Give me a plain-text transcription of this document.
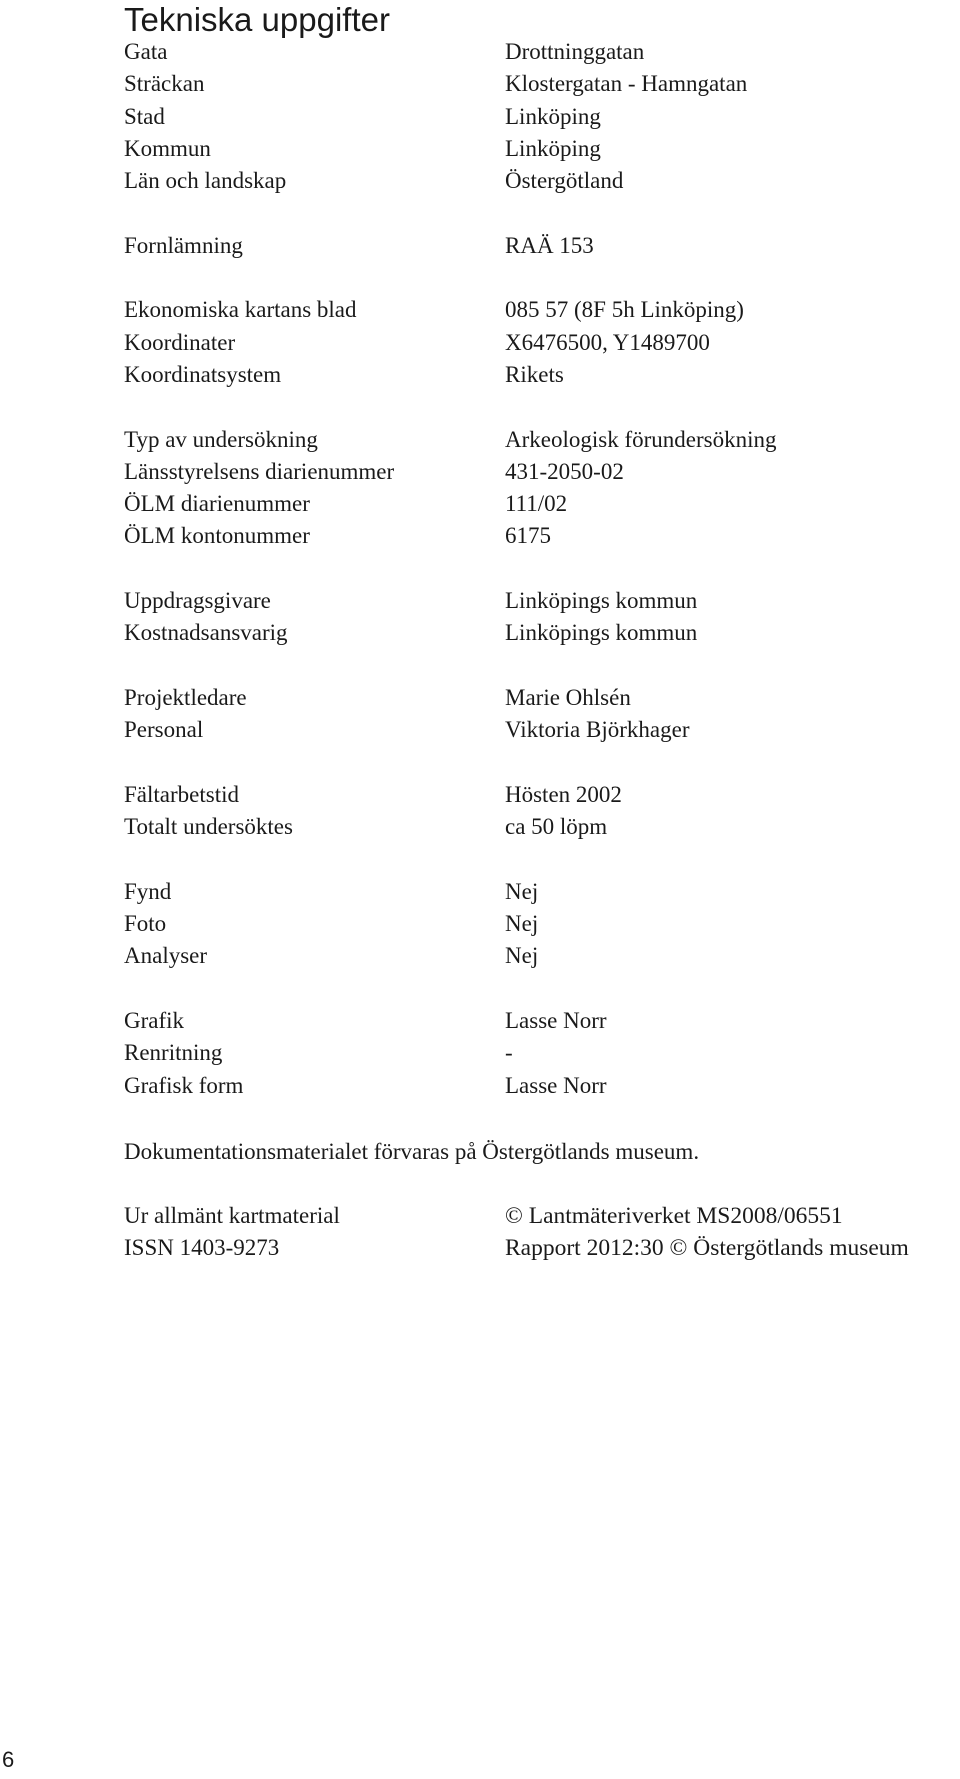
Tekniska uppgifter
Gata	Drottninggatan
Sträckan	Klostergatan - Hamngatan
Stad	Linköping
Kommun	Linköping
Län och landskap	Östergötland
Fornlämning	RAÄ 153
Ekonomiska kartans blad	085 57 (8F 5h Linköping)
Koordinater	X6476500, Y1489700
Koordinatsystem	Rikets
Typ av undersökning	Arkeologisk förundersökning
Länsstyrelsens diarienummer	431-2050-02
ÖLM diarienummer	111/02
ÖLM kontonummer	6175
Uppdragsgivare	Linköpings kommun
Kostnadsansvarig	Linköpings kommun
Projektledare	Marie Ohlsén
Personal	Viktoria Björkhager
Fältarbetstid	Hösten 2002
Totalt undersöktes	ca 50 löpm
Fynd	Nej
Foto	Nej
Analyser	Nej
Grafik	Lasse Norr
Renritning	-
Grafisk form	Lasse Norr
Dokumentationsmaterialet förvaras på Östergötlands museum.
Ur allmänt kartmaterial	© Lantmäteriverket MS2008/06551
ISSN 1403-9273	Rapport 2012:30 © Östergötlands museum
6
